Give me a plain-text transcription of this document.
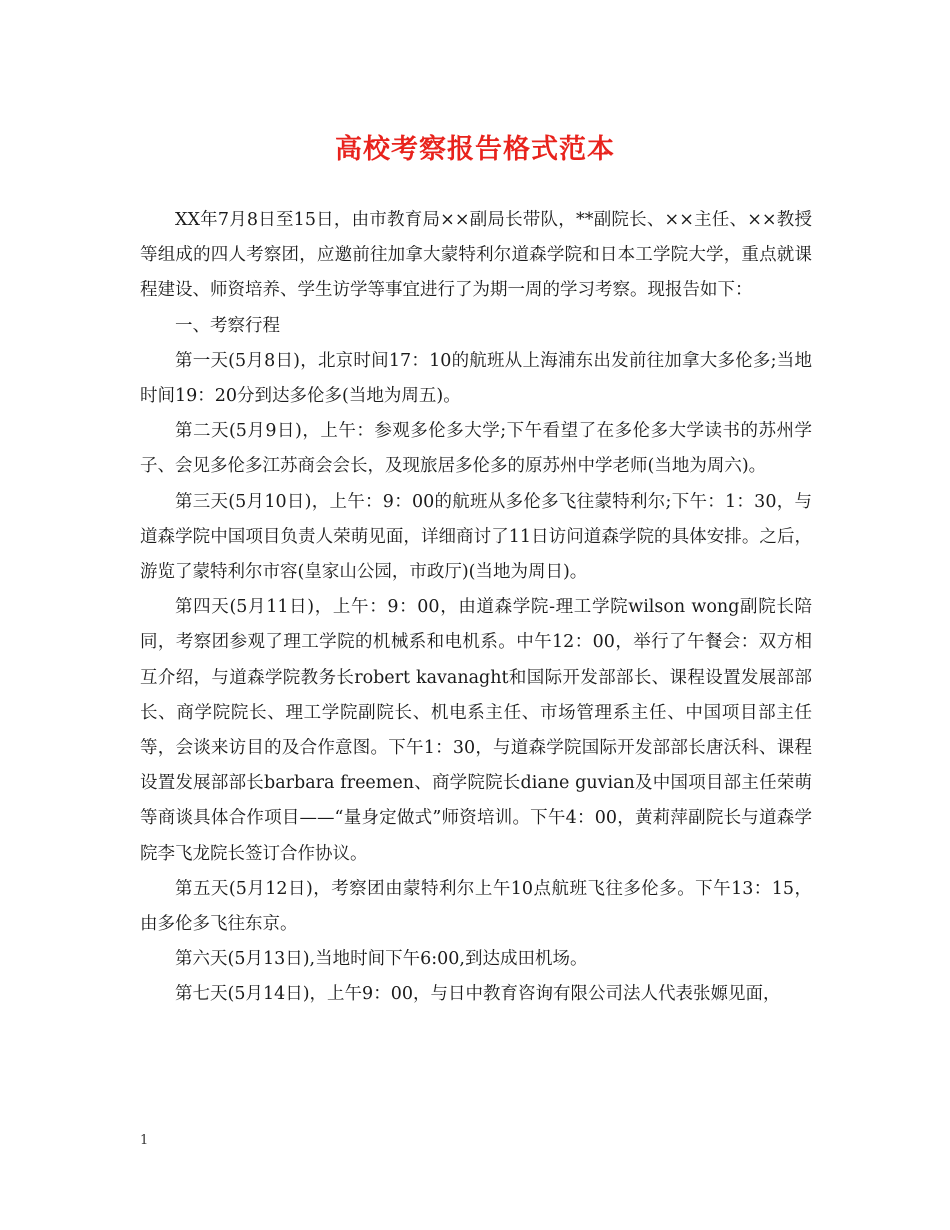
高校考察报告格式范本

XX年7月8日至15日，由市教育局××副局长带队，**副院长、××主任、××教授等组成的四人考察团，应邀前往加拿大蒙特利尔道森学院和日本工学院大学，重点就课程建设、师资培养、学生访学等事宜进行了为期一周的学习考察。现报告如下：

一、考察行程

第一天(5月8日)，北京时间17：10的航班从上海浦东出发前往加拿大多伦多;当地时间19：20分到达多伦多(当地为周五)。

第二天(5月9日)，上午：参观多伦多大学;下午看望了在多伦多大学读书的苏州学子、会见多伦多江苏商会会长，及现旅居多伦多的原苏州中学老师(当地为周六)。

第三天(5月10日)，上午：9：00的航班从多伦多飞往蒙特利尔;下午：1：30，与道森学院中国项目负责人荣萌见面，详细商讨了11日访问道森学院的具体安排。之后，游览了蒙特利尔市容(皇家山公园，市政厅)(当地为周日)。

第四天(5月11日)，上午：9：00，由道森学院-理工学院wilson wong副院长陪同，考察团参观了理工学院的机械系和电机系。中午12：00，举行了午餐会：双方相互介绍，与道森学院教务长robert kavanaght和国际开发部部长、课程设置发展部部长、商学院院长、理工学院副院长、机电系主任、市场管理系主任、中国项目部主任等，会谈来访目的及合作意图。下午1：30，与道森学院国际开发部部长唐沃科、课程设置发展部部长barbara freemen、商学院院长diane guvian及中国项目部主任荣萌等商谈具体合作项目——“量身定做式”师资培训。下午4：00，黄莉萍副院长与道森学院李飞龙院长签订合作协议。

第五天(5月12日)，考察团由蒙特利尔上午10点航班飞往多伦多。下午13：15，由多伦多飞往东京。

第六天(5月13日),当地时间下午6:00,到达成田机场。

第七天(5月14日)，上午9：00，与日中教育咨询有限公司法人代表张嫄见面，

1
